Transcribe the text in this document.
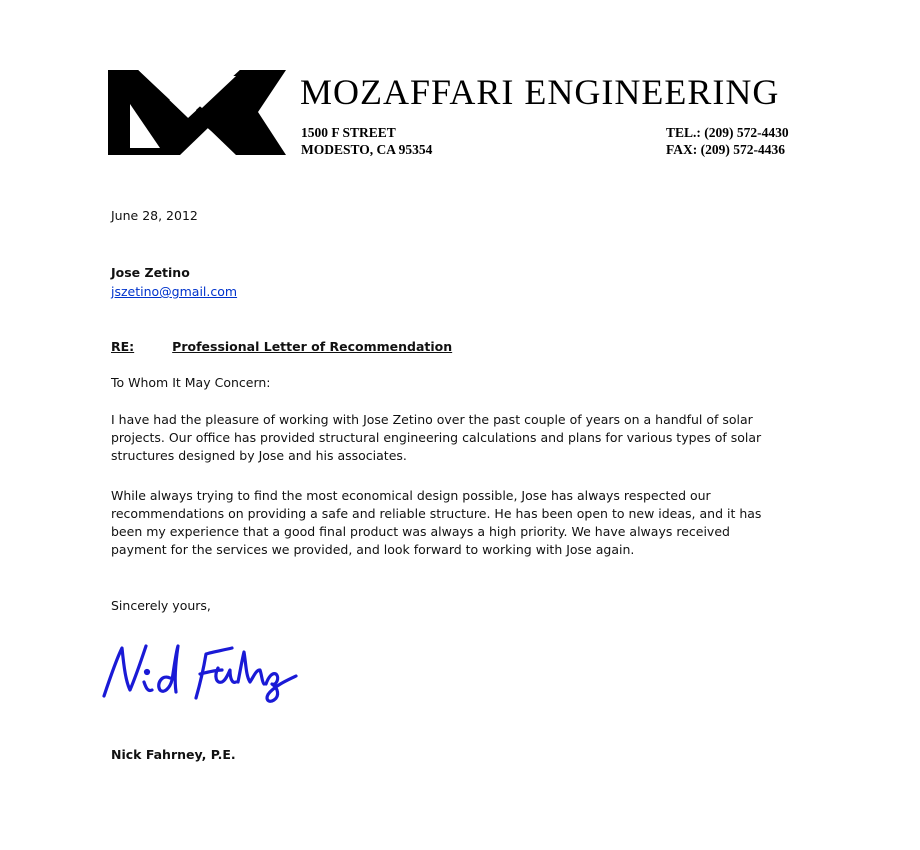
MOZAFFARI ENGINEERING
1500 F STREET
MODESTO, CA 95354
TEL.: (209) 572-4430
FAX: (209) 572-4436
June 28, 2012
Jose Zetino
jszetino@gmail.com
RE:	Professional Letter of Recommendation
To Whom It May Concern:
I have had the pleasure of working with Jose Zetino over the past couple of years on a handful of solar
projects. Our office has provided structural engineering calculations and plans for various types of solar
structures designed by Jose and his associates.
While always trying to find the most economical design possible, Jose has always respected our
recommendations on providing a safe and reliable structure. He has been open to new ideas, and it has
been my experience that a good final product was always a high priority. We have always received
payment for the services we provided, and look forward to working with Jose again.
Sincerely yours,
Nick Fahrney, P.E.
